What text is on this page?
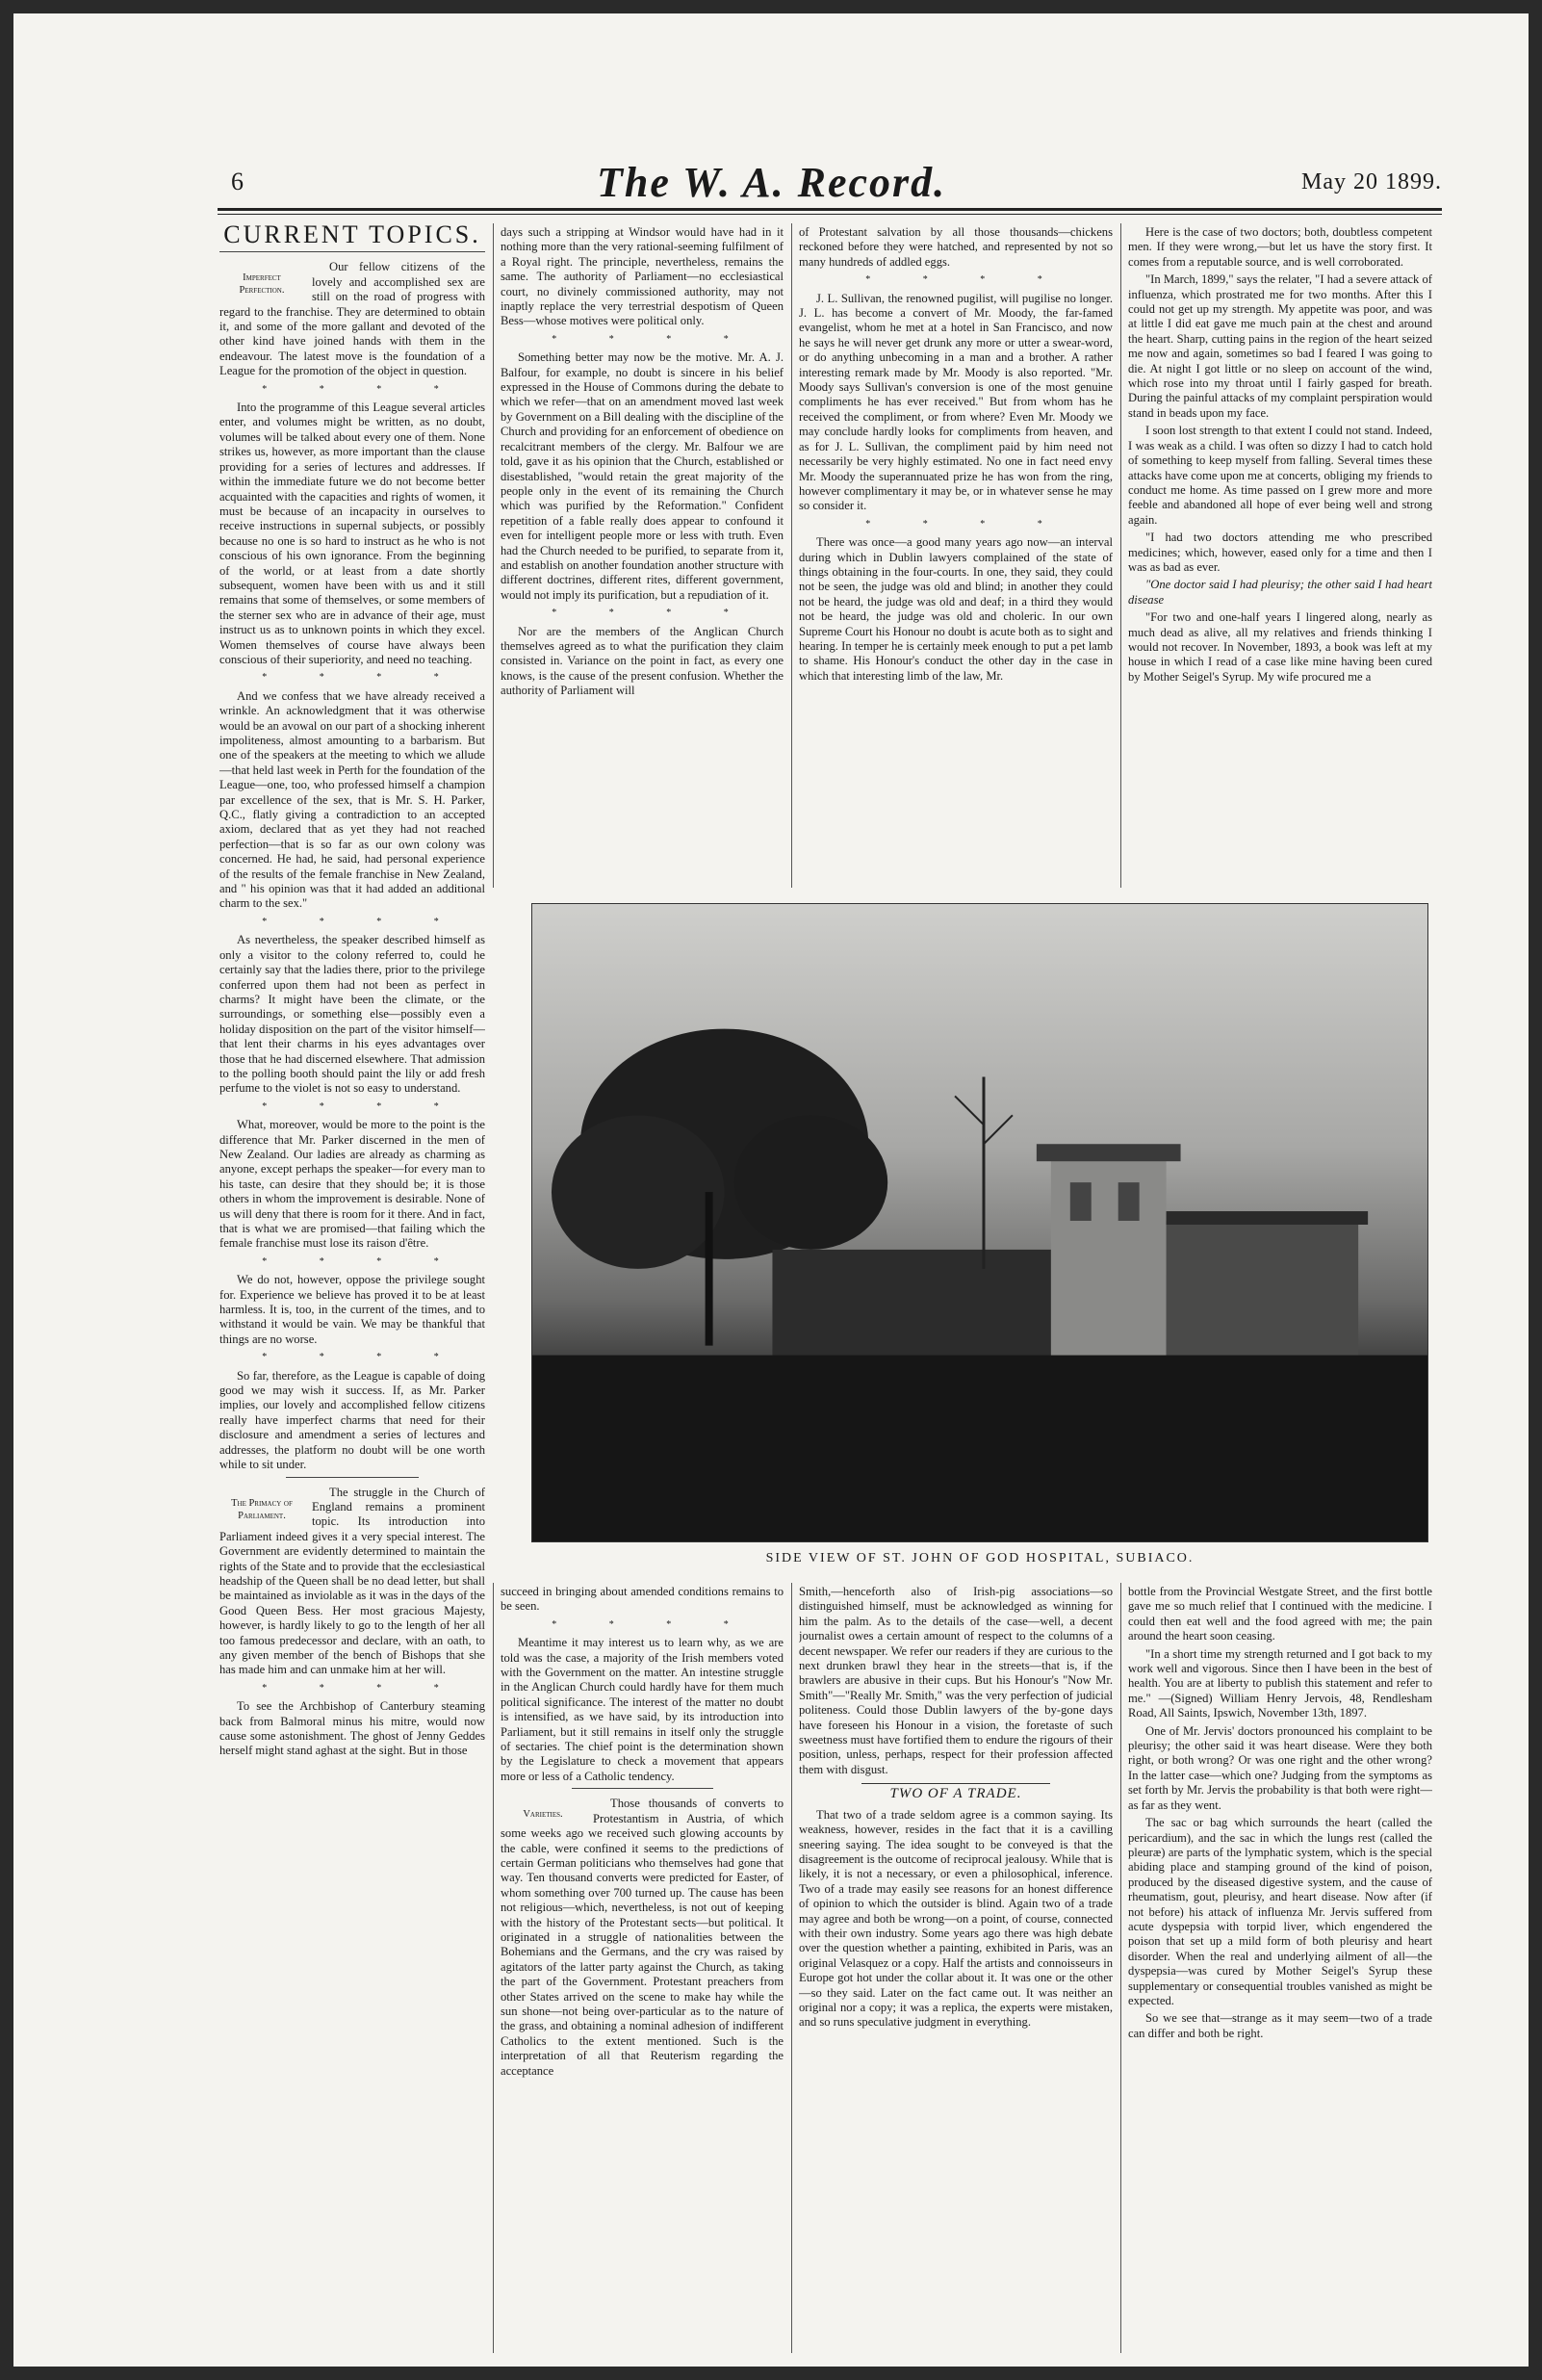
6	The W. A. Record.	May 20 1899.
CURRENT TOPICS.
Imperfect Perfection.

Our fellow citizens of the lovely and accomplished sex are still on the road of progress with regard to the franchise. They are determined to obtain it, and some of the more gallant and devoted of the other kind have joined hands with them in the endeavour. The latest move is the foundation of a League for the promotion of the object in question.

* * * *

Into the programme of this League several articles enter, and volumes might be written, as no doubt, volumes will be talked about every one of them. None strikes us, however, as more important than the clause providing for a series of lectures and addresses. If within the immediate future we do not become better acquainted with the capacities and rights of women, it must be because of an incapacity in ourselves to receive instructions in supernal subjects, or possibly because no one is so hard to instruct as he who is not conscious of his own ignorance. From the beginning of the world, or at least from a date shortly subsequent, women have been with us and it still remains that some of themselves, or some members of the sterner sex who are in advance of their age, must instruct us as to unknown points in which they excel. Women themselves of course have always been conscious of their superiority, and need no teaching.

* * * *

And we confess that we have already received a wrinkle. An acknowledgment that it was otherwise would be an avowal on our part of a shocking inherent impoliteness, almost amounting to a barbarism. But one of the speakers at the meeting to which we allude—that held last week in Perth for the foundation of the League—one, too, who professed himself a champion par excellence of the sex, that is Mr. S. H. Parker, Q.C., flatly giving a contradiction to an accepted axiom, declared that as yet they had not reached perfection—that is so far as our own colony was concerned. He had, he said, had personal experience of the results of the female franchise in New Zealand, and " his opinion was that it had added an additional charm to the sex."

* * * *

As nevertheless, the speaker described himself as only a visitor to the colony referred to, could he certainly say that the ladies there, prior to the privilege conferred upon them had not been as perfect in charms? It might have been the climate, or the surroundings, or something else—possibly even a holiday disposition on the part of the visitor himself—that lent their charms in his eyes advantages over those that he had discerned elsewhere. That admission to the polling booth should paint the lily or add fresh perfume to the violet is not so easy to understand.

* * * *

What, moreover, would be more to the point is the difference that Mr. Parker discerned in the men of New Zealand. Our ladies are already as charming as anyone, except perhaps the speaker—for every man to his taste, can desire that they should be; it is those others in whom the improvement is desirable. None of us will deny that there is room for it there. And in fact, that is what we are promised—that failing which the female franchise must lose its raison d'être.

* * * *

We do not, however, oppose the privilege sought for. Experience we believe has proved it to be at least harmless. It is, too, in the current of the times, and to withstand it would be vain. We may be thankful that things are no worse.

* * * *

So far, therefore, as the League is capable of doing good we may wish it success. If, as Mr. Parker implies, our lovely and accomplished fellow citizens really have imperfect charms that need for their disclosure and amendment a series of lectures and addresses, the platform no doubt will be one worth while to sit under.

The Primacy of Parliament.

The struggle in the Church of England remains a prominent topic. Its introduction into Parliament indeed gives it a very special interest. The Government are evidently determined to maintain the rights of the State and to provide that the ecclesiastical headship of the Queen shall be no dead letter, but shall be maintained as inviolable as it was in the days of the Good Queen Bess. Her most gracious Majesty, however, is hardly likely to go to the length of her all too famous predecessor and declare, with an oath, to any given member of the bench of Bishops that she has made him and can unmake him at her will.

* * * *

To see the Archbishop of Canterbury steaming back from Balmoral minus his mitre, would now cause some astonishment. The ghost of Jenny Geddes herself might stand aghast at the sight. But in those

days such a stripping at Windsor would have had in it nothing more than the very rational-seeming fulfilment of a Royal right. The principle, nevertheless, remains the same. The authority of Parliament—no ecclesiastical court, no divinely commissioned authority, may not inaptly replace the very terrestrial despotism of Queen Bess—whose motives were political only.

* * * *

Something better may now be the motive. Mr. A. J. Balfour, for example, no doubt is sincere in his belief expressed in the House of Commons during the debate to which we refer—that on an amendment moved last week by Government on a Bill dealing with the discipline of the Church and providing for an enforcement of obedience on recalcitrant members of the clergy. Mr. Balfour we are told, gave it as his opinion that the Church, established or disestablished, "would retain the great majority of the people only in the event of its remaining the Church which was purified by the Reformation." Confident repetition of a fable really does appear to confound it even for intelligent people more or less with truth. Even had the Church needed to be purified, to separate from it, and establish on another foundation another structure with different doctrines, different rites, different government, would not imply its purification, but a repudiation of it.

* * * *

Nor are the members of the Anglican Church themselves agreed as to what the purification they claim consisted in. Variance on the point in fact, as every one knows, is the cause of the present confusion. Whether the authority of Parliament will

succeed in bringing about amended conditions remains to be seen.

* * * *

Meantime it may interest us to learn why, as we are told was the case, a majority of the Irish members voted with the Government on the matter. An intestine struggle in the Anglican Church could hardly have for them much political significance. The interest of the matter no doubt is intensified, as we have said, by its introduction into Parliament, but it still remains in itself only the struggle of sectaries. The chief point is the determination shown by the Legislature to check a movement that appears more or less of a Catholic tendency.

Varieties.

Those thousands of converts to Protestantism in Austria, of which some weeks ago we received such glowing accounts by the cable, were confined it seems to the predictions of certain German politicians who themselves had gone that way. Ten thousand converts were predicted for Easter, of whom something over 700 turned up. The cause has been not religious—which, nevertheless, is not out of keeping with the history of the Protestant sects—but political. It originated in a struggle of nationalities between the Bohemians and the Germans, and the cry was raised by agitators of the latter party against the Church, as taking the part of the Government. Protestant preachers from other States arrived on the scene to make hay while the sun shone—not being over-particular as to the nature of the grass, and obtaining a nominal adhesion of indifferent Catholics to the extent mentioned. Such is the interpretation of all that Reuterism regarding the acceptance

of Protestant salvation by all those thousands—chickens reckoned before they were hatched, and represented by not so many hundreds of addled eggs.

* * * *

J. L. Sullivan, the renowned pugilist, will pugilise no longer. J. L. has become a convert of Mr. Moody, the far-famed evangelist, whom he met at a hotel in San Francisco, and now he says he will never get drunk any more or utter a swear-word, or do anything unbecoming in a man and a brother. A rather interesting remark made by Mr. Moody is also reported. "Mr. Moody says Sullivan's conversion is one of the most genuine compliments he has ever received." But from whom has he received the compliment, or from where? Even Mr. Moody we may conclude hardly looks for compliments from heaven, and as for J. L. Sullivan, the compliment paid by him need not necessarily be very highly estimated. No one in fact need envy Mr. Moody the superannuated prize he has won from the ring, however complimentary it may be, or in whatever sense he may so consider it.

* * * *

There was once—a good many years ago now—an interval during which in Dublin lawyers complained of the state of things obtaining in the four-courts. In one, they said, they could not be seen, the judge was old and blind; in another they could not be heard, the judge was old and deaf; in a third they would not be heard, the judge was old and choleric. In our own Supreme Court his Honour no doubt is acute both as to sight and hearing. In temper he is certainly meek enough to put a pet lamb to shame. His Honour's conduct the other day in the case in which that interesting limb of the law, Mr.

Smith,—henceforth also of Irish-pig associations—so distinguished himself, must be acknowledged as winning for him the palm. As to the details of the case—well, a decent journalist owes a certain amount of respect to the columns of a decent newspaper. We refer our readers if they are curious to the next drunken brawl they hear in the streets—that is, if the brawlers are abusive in their cups. But his Honour's "Now Mr. Smith"—"Really Mr. Smith," was the very perfection of judicial politeness. Could those Dublin lawyers of the by-gone days have foreseen his Honour in a vision, the foretaste of such sweetness must have fortified them to endure the rigours of their position, unless, perhaps, respect for their profession affected them with disgust.

TWO OF A TRADE.

That two of a trade seldom agree is a common saying. Its weakness, however, resides in the fact that it is a cavilling sneering saying. The idea sought to be conveyed is that the disagreement is the outcome of reciprocal jealousy. While that is likely, it is not a necessary, or even a philosophical, inference. Two of a trade may easily see reasons for an honest difference of opinion to which the outsider is blind. Again two of a trade may agree and both be wrong—on a point, of course, connected with their own industry. Some years ago there was high debate over the question whether a painting, exhibited in Paris, was an original Velasquez or a copy. Half the artists and connoisseurs in Europe got hot under the collar about it. It was one or the other—so they said. Later on the fact came out. It was neither an original nor a copy; it was a replica, the experts were mistaken, and so runs speculative judgment in everything.

Here is the case of two doctors; both, doubtless competent men. If they were wrong,—but let us have the story first. It comes from a reputable source, and is well corroborated.

"In March, 1899," says the relater, "I had a severe attack of influenza, which prostrated me for two months. After this I could not get up my strength. My appetite was poor, and was at little I did eat gave me much pain at the chest and around the heart. Sharp, cutting pains in the region of the heart seized me now and again, sometimes so bad I feared I was going to die. At night I got little or no sleep on account of the wind, which rose into my throat until I fairly gasped for breath. During the painful attacks of my complaint perspiration would stand in beads upon my face.

I soon lost strength to that extent I could not stand. Indeed, I was weak as a child. I was often so dizzy I had to catch hold of something to keep myself from falling. Several times these attacks have come upon me at concerts, obliging my friends to conduct me home. As time passed on I grew more and more feeble and abandoned all hope of ever being well and strong again.

"I had two doctors attending me who prescribed medicines; which, however, eased only for a time and then I was as bad as ever.

"One doctor said I had pleurisy; the other said I had heart disease

"For two and one-half years I lingered along, nearly as much dead as alive, all my relatives and friends thinking I would not recover. In November, 1893, a book was left at my house in which I read of a case like mine having been cured by Mother Seigel's Syrup. My wife procured me a

bottle from the Provincial Westgate Street, and the first bottle gave me so much relief that I continued with the medicine. I could then eat well and the food agreed with me; the pain around the heart soon ceasing.

"In a short time my strength returned and I got back to my work well and vigorous. Since then I have been in the best of health. You are at liberty to publish this statement and refer to me." —(Signed) William Henry Jervois, 48, Rendlesham Road, All Saints, Ipswich, November 13th, 1897.

One of Mr. Jervis' doctors pronounced his complaint to be pleurisy; the other said it was heart disease. Were they both right, or both wrong? Or was one right and the other wrong? In the latter case—which one? Judging from the symptoms as set forth by Mr. Jervis the probability is that both were right—as far as they went.

The sac or bag which surrounds the heart (called the pericardium), and the sac in which the lungs rest (called the pleuræ) are parts of the lymphatic system, which is the special abiding place and stamping ground of the kind of poison, produced by the diseased digestive system, and the cause of rheumatism, gout, pleurisy, and heart disease. Now after (if not before) his attack of influenza Mr. Jervis suffered from acute dyspepsia with torpid liver, which engendered the poison that set up a mild form of both pleurisy and heart disorder. When the real and underlying ailment of all—the dyspepsia—was cured by Mother Seigel's Syrup these supplementary or consequential troubles vanished as might be expected.

So we see that—strange as it may seem—two of a trade can differ and both be right.

SIDE VIEW OF ST. JOHN OF GOD HOSPITAL, SUBIACO.
